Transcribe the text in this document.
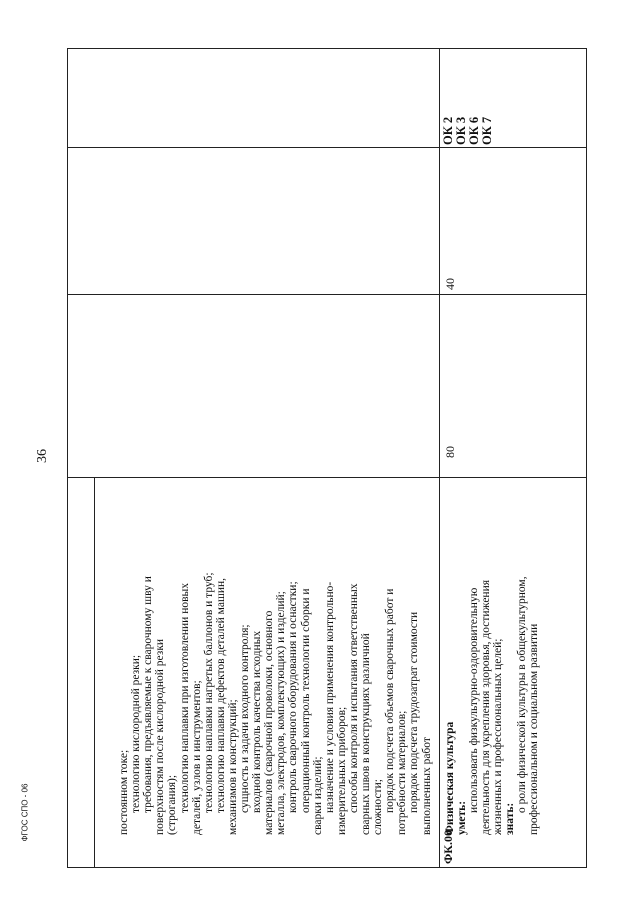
36
ФГОС СПО - 06	постоянном токе; технологию кислородной резки; требования, предъявляемые к сварочному шву и поверхностям после кислородной резки (строгания); технологию наплавки при изготовлении новых деталей, узлов и инструментов; технологию наплавки нагретых баллонов и труб; технологию наплавки дефектов деталей машин, механизмов и конструкций; сущность и задачи входного контроля; входной контроль качества исходных материалов (сварочной проволоки, основного металла, электродов, комплектующих) и изделий; контроль сварочного оборудования и оснастки; операционный контроль технологии сборки и сварки изделий; назначение и условия применения контрольно- измерительных приборов; способы контроля и испытания ответственных сварных швов в конструкциях различной сложности; порядок подсчета объемов сварочных работ и потребности материалов; порядок подсчета трудозатрат стоимости выполненных работ
ФК.00
Физическая культура уметь:
использовать физкультурно-оздоровительную деятельность для укрепления здоровья, достижения жизненных и профессиональных целей; знать:
о роли физической культуры в общекультурном, профессиональном и социальном развитии
80
40
ОК 2 ОК 3 ОК 6 ОК 7
